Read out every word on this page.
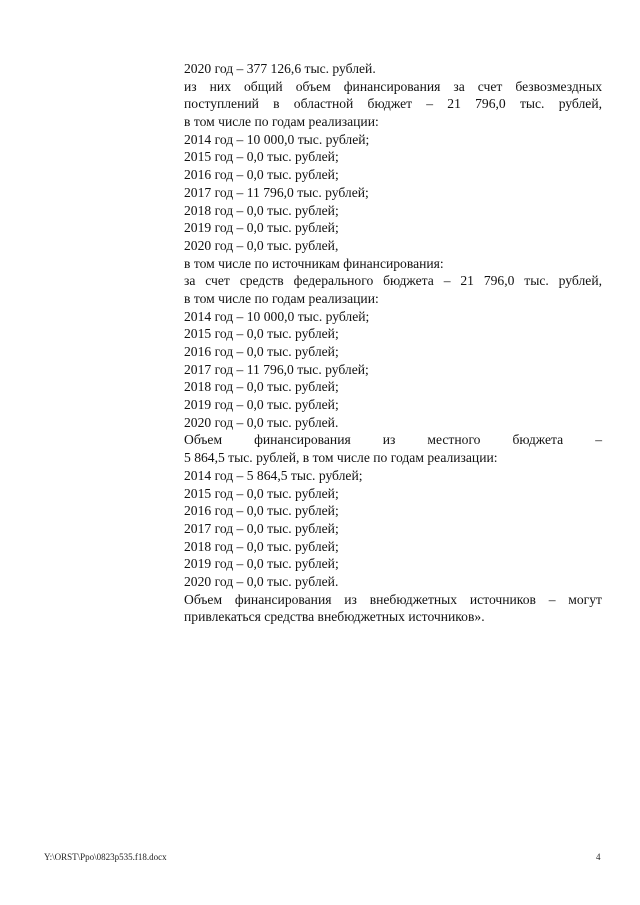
2020 год – 377 126,6 тыс. рублей.
из них общий объем финансирования за счет безвозмездных
поступлений в областной бюджет – 21 796,0 тыс. рублей,
в том числе по годам реализации:
2014 год – 10 000,0 тыс. рублей;
2015 год – 0,0 тыс. рублей;
2016 год – 0,0 тыс. рублей;
2017 год – 11 796,0 тыс. рублей;
2018 год – 0,0 тыс. рублей;
2019 год – 0,0 тыс. рублей;
2020 год – 0,0 тыс. рублей,
в том числе по источникам финансирования:
за счет средств федерального бюджета – 21 796,0 тыс. рублей,
в том числе по годам реализации:
2014 год – 10 000,0 тыс. рублей;
2015 год – 0,0 тыс. рублей;
2016 год – 0,0 тыс. рублей;
2017 год – 11 796,0 тыс. рублей;
2018 год – 0,0 тыс. рублей;
2019 год – 0,0 тыс. рублей;
2020 год – 0,0 тыс. рублей.
Объем финансирования из местного бюджета –
5 864,5 тыс. рублей, в том числе по годам реализации:
2014 год – 5 864,5 тыс. рублей;
2015 год – 0,0 тыс. рублей;
2016 год – 0,0 тыс. рублей;
2017 год – 0,0 тыс. рублей;
2018 год – 0,0 тыс. рублей;
2019 год – 0,0 тыс. рублей;
2020 год – 0,0 тыс. рублей.
Объем финансирования из внебюджетных источников – могут
привлекаться средства внебюджетных источников».
Y:\ORST\Ppo\0823p535.f18.docx	4
